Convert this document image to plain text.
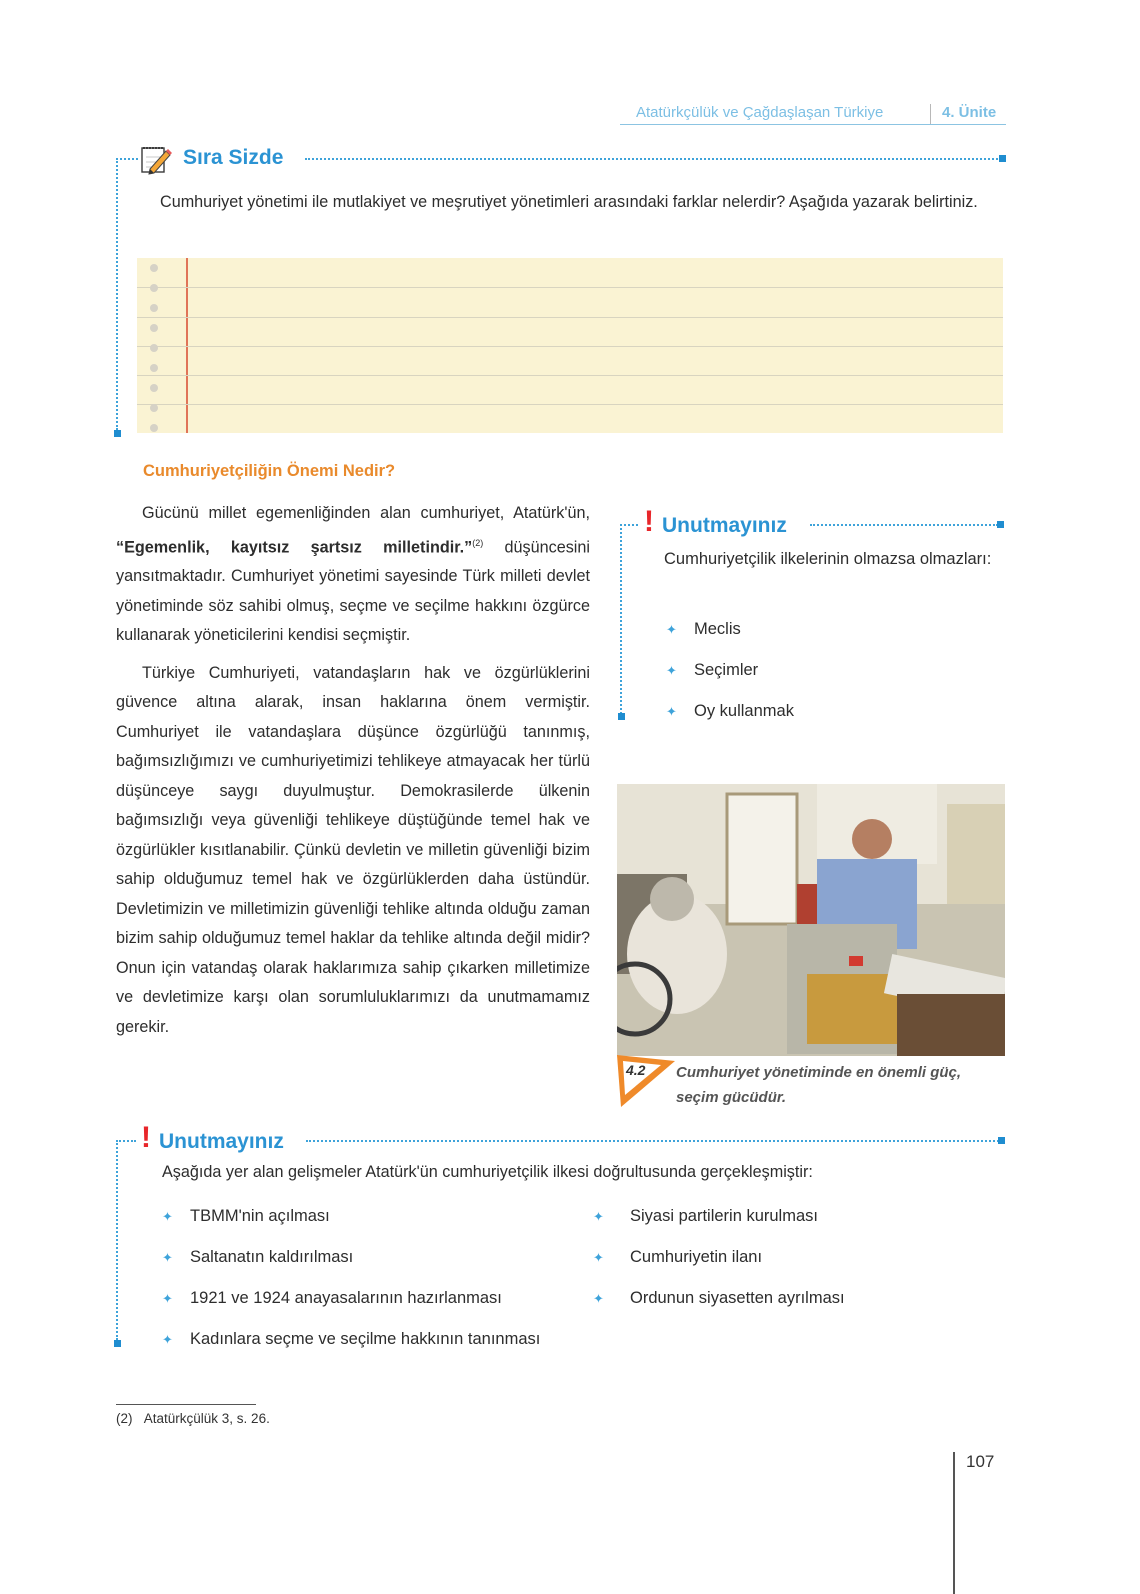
Atatürkçülük ve Çağdaşlaşan Türkiye	4. Ünite
Sıra Sizde

Cumhuriyet yönetimi ile mutlakiyet ve meşrutiyet yönetimleri arasındaki farklar nelerdir? Aşağıda yazarak belirtiniz.

Cumhuriyetçiliğin Önemi Nedir?

Gücünü millet egemenliğinden alan cumhuriyet, Atatürk'ün, “Egemenlik, kayıtsız şartsız milletindir.”$^{(2)}$ düşüncesini yansıtmaktadır. Cumhuriyet yönetimi sayesinde Türk milleti devlet yönetiminde söz sahibi olmuş, seçme ve seçilme hakkını özgürce kullanarak yöneticilerini kendisi seçmiştir.

Türkiye Cumhuriyeti, vatandaşların hak ve özgürlüklerini güvence altına alarak, insan haklarına önem vermiştir. Cumhuriyet ile vatandaşlara düşünce özgürlüğü tanınmış, bağımsızlığımızı ve cumhuriyetimizi tehlikeye atmayacak her türlü düşünceye saygı duyulmuştur. Demokrasilerde ülkenin bağımsızlığı veya güvenliği tehlikeye düştüğünde temel hak ve özgürlükler kısıtlanabilir. Çünkü devletin ve milletin güvenliği bizim sahip olduğumuz temel hak ve özgürlüklerden daha üstündür. Devletimizin ve milletimizin güvenliği tehlike altında olduğu zaman bizim sahip olduğumuz temel haklar da tehlike altında değil midir? Onun için vatandaş olarak haklarımıza sahip çıkarken milletimize ve devletimize karşı olan sorumluluklarımızı da unutmamamız gerekir.

! Unutmayınız

Cumhuriyetçilik ilkelerinin olmazsa olmazları:

✦	Meclis
✦	Seçimler
✦	Oy kullanmak
4.2 Cumhuriyet yönetiminde en önemli güç, seçim gücüdür.
! Unutmayınız
Aşağıda yer alan gelişmeler Atatürk'ün cumhuriyetçilik ilkesi doğrultusunda gerçekleşmiştir:
✦	TBMM'nin açılması
✦	Saltanatın kaldırılması
✦	1921 ve 1924 anayasalarının hazırlanması
✦	Kadınlara seçme ve seçilme hakkının tanınması
✦	Siyasi partilerin kurulması
✦	Cumhuriyetin ilanı
✦	Ordunun siyasetten ayrılması
(2) Atatürkçülük 3, s. 26.
107
